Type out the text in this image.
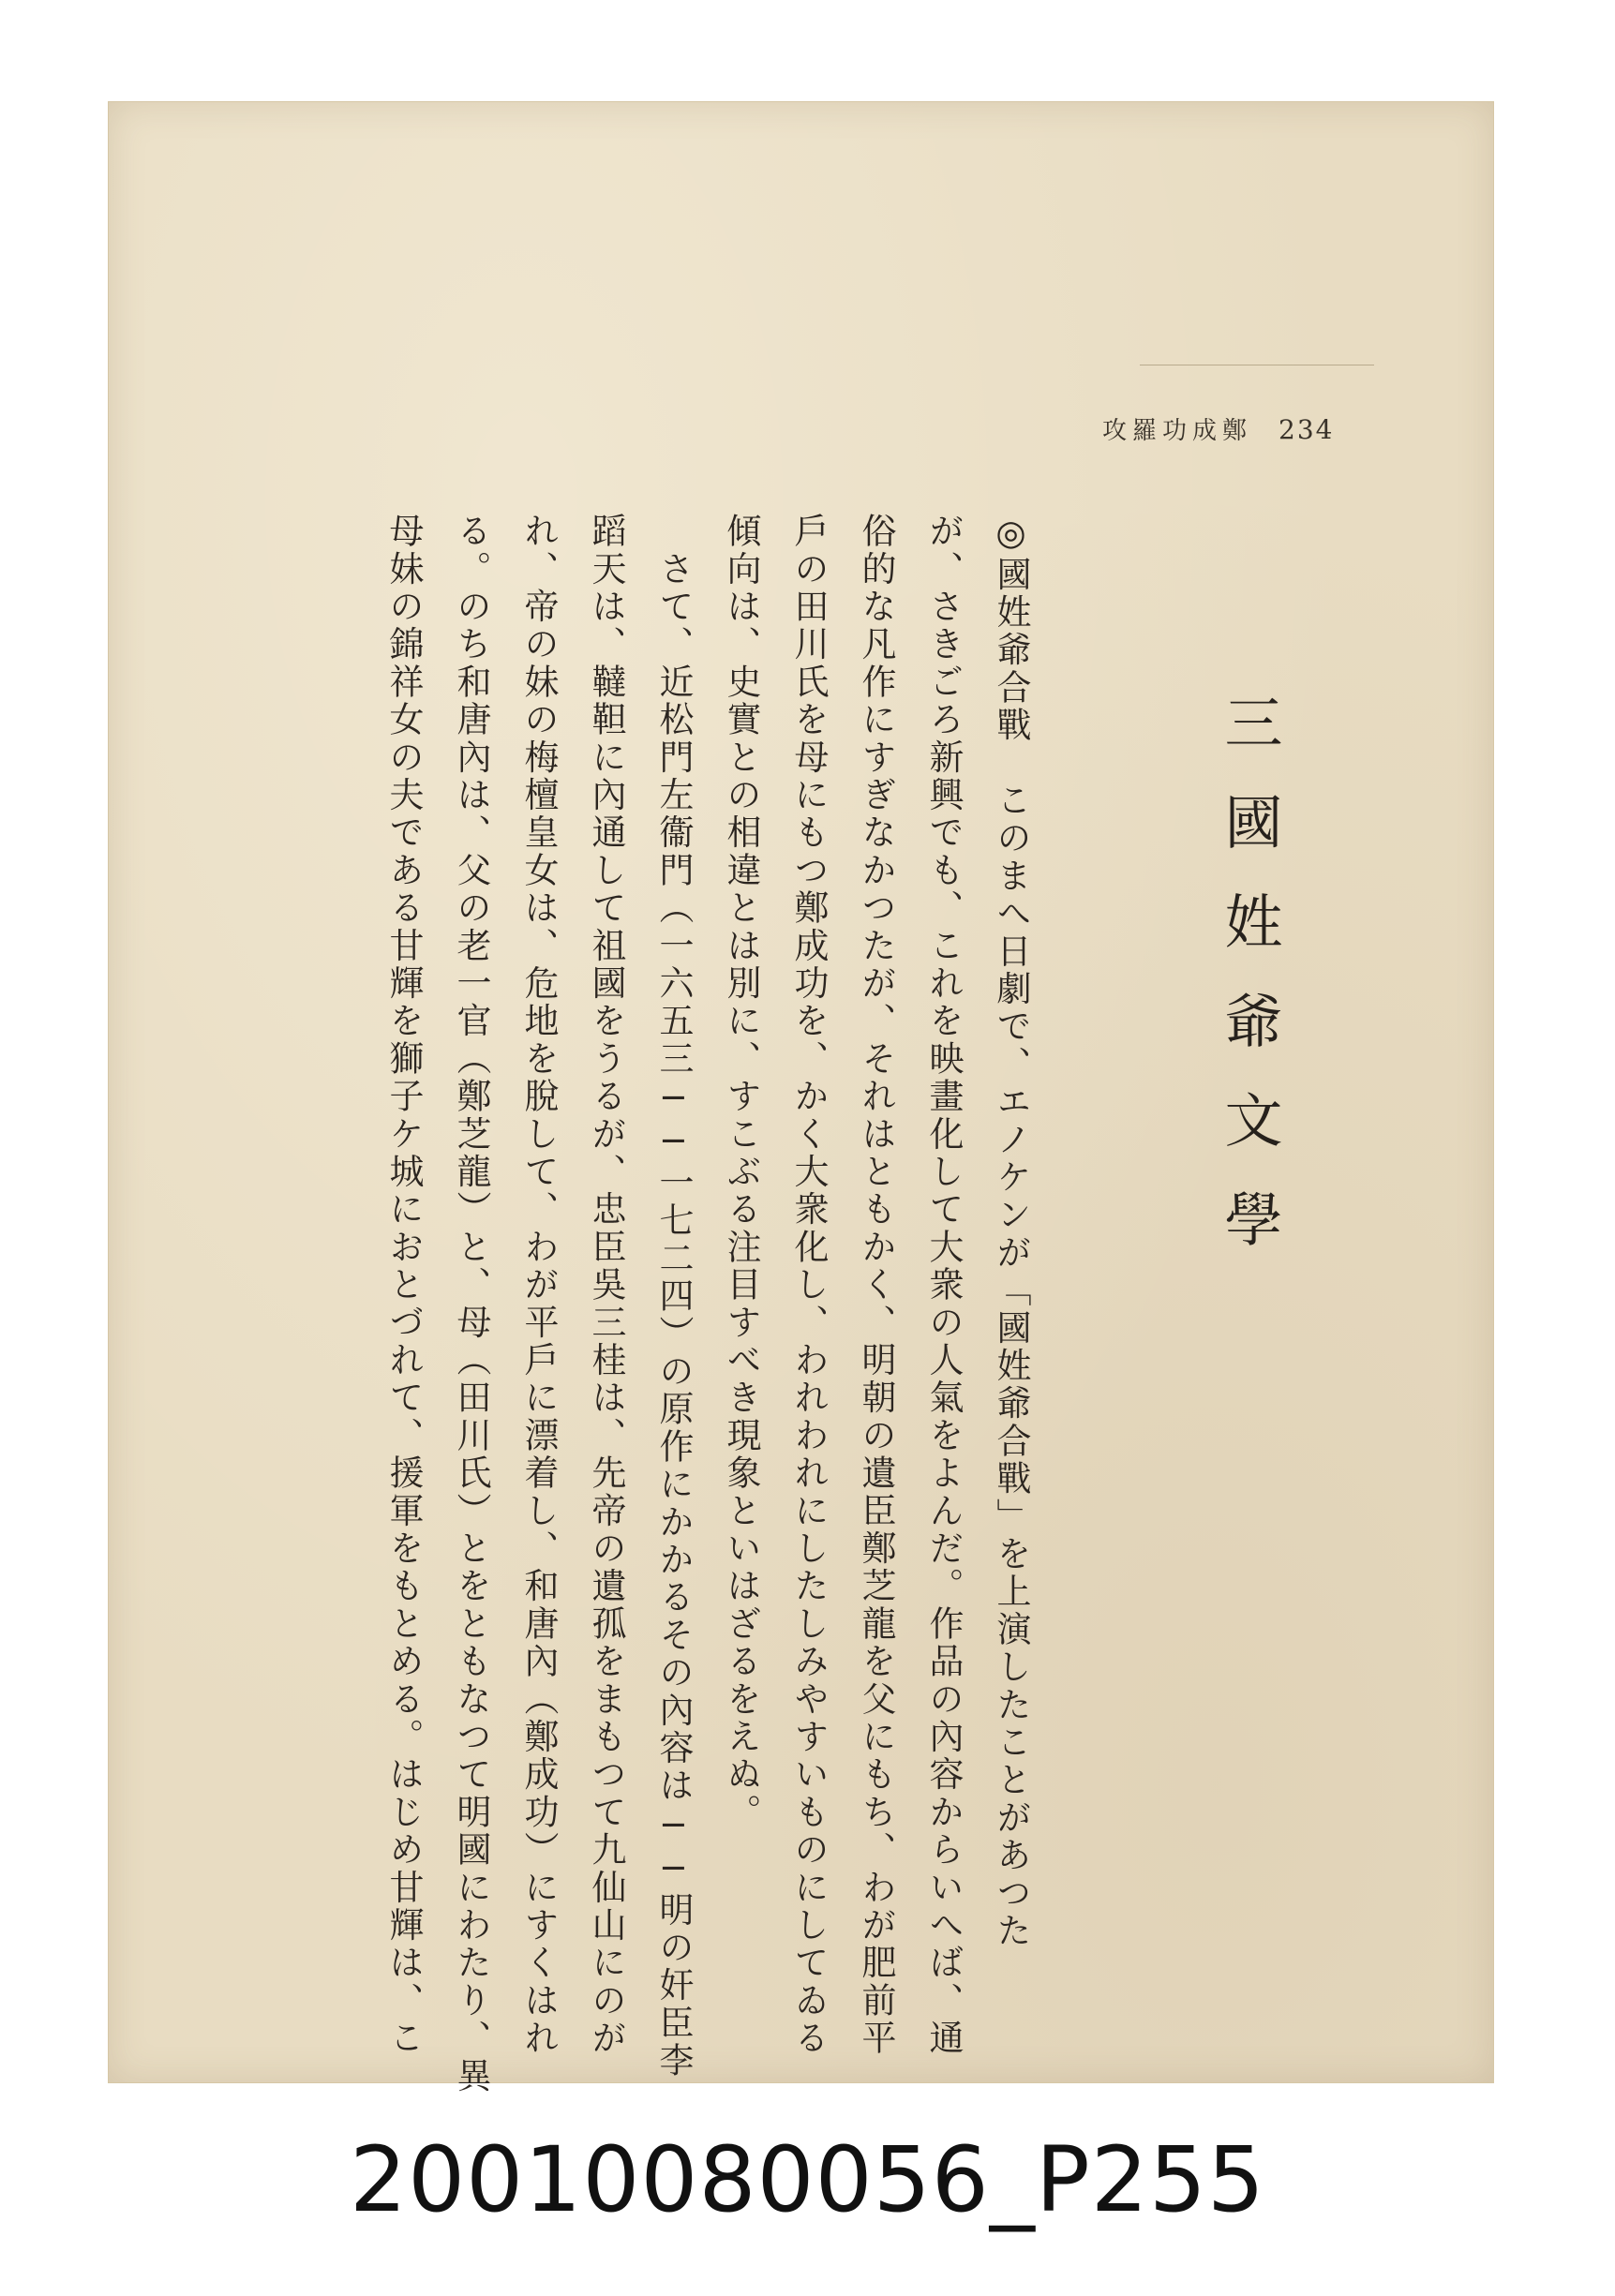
攻羅功成鄭 234
三國姓爺文學
◎國姓爺合戰　このまへ日劇で、エノケンが「國姓爺合戰」を上演したことがあつた
が、さきごろ新興でも、これを映畫化して大衆の人氣をよんだ。作品の內容からいへば、通
俗的な凡作にすぎなかつたが、それはともかく、明朝の遺臣鄭芝龍を父にもち、わが肥前平
戶の田川氏を母にもつ鄭成功を、かく大衆化し、われわれにしたしみやすいものにしてゐる
傾向は、史實との相違とは別に、すこぶる注目すべき現象といはざるをえぬ。
　さて、近松門左衞門（一六五三──一七二四）の原作にかかるその內容は──明の奸臣李
蹈天は、韃靼に內通して祖國をうるが、忠臣吳三桂は、先帝の遺孤をまもつて九仙山にのが
れ、帝の妹の梅檀皇女は、危地を脫して、わが平戶に漂着し、和唐內（鄭成功）にすくはれ
る。のち和唐內は、父の老一官（鄭芝龍）と、母（田川氏）とをともなつて明國にわたり、異
母妹の錦祥女の夫である甘輝を獅子ケ城におとづれて、援軍をもとめる。はじめ甘輝は、こ
20010080056_P255
